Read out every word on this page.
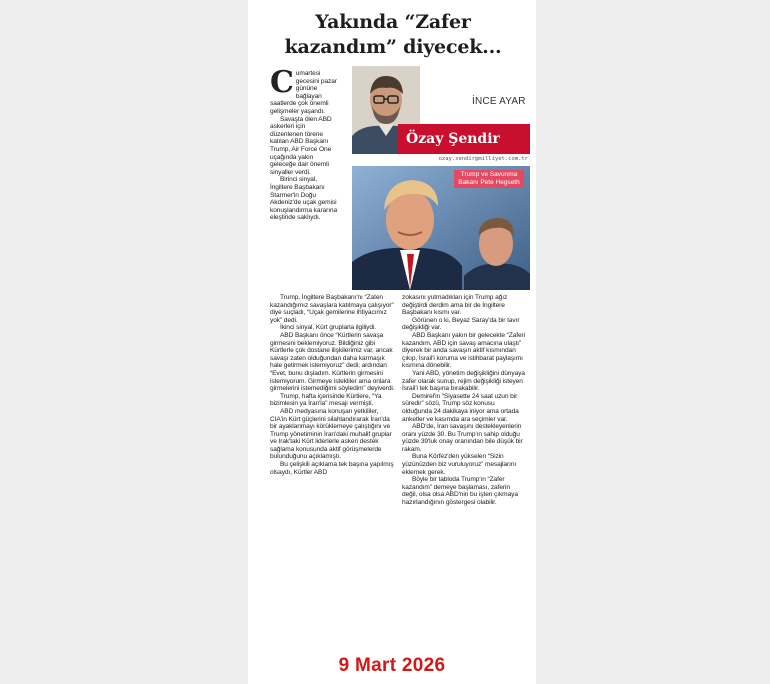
Yakında “Zafer kazandım” diyecek...
İNCE AYAR
Özay Şendir
ozay.sendir@milliyet.com.tr
Trump ve Savunma Bakanı Pete Hegseth

Cumartesi gecesini pazar gününe bağlayan saatlerde çok önemli gelişmeler yaşandı.

Savaşta ölen ABD askerleri için düzenlenen törene katılan ABD Başkanı Trump, Air Force One uçağında yakın geleceğe dair önemli sinyaller verdi.

Birinci sinyal, İngiltere Başbakanı Starmer'in Doğu Akdeniz'de uçak gemisi konuşlandırma kararına eleştiride saklıydı.

Trump, İngiltere Başbakanı'nı “Zaten kazandığımız savaşlara katılmaya çalışıyor” diye suçladı, “Uçak gemilerine ihtiyacımız yok” dedi.

İkinci sinyal, Kürt gruplarla ilgiliydi.

ABD Başkanı önce “Kürtlerin savaşa girmesini beklemiyoruz. Bildiğiniz gibi Kürtlerle çok dostane ilişkilerimiz var, ancak savaşı zaten olduğundan daha karmaşık hale getirmek istemiyoruz” dedi; ardından “Evet, bunu dışladım. Kürtlerin girmesini istemiyorum. Girmeye istekliler ama onlara girmelerini istemediğimi söyledim” deyiverdi.

Trump, hafta içerisinde Kürtlere, “Ya bizimlesin ya İran'la” mesajı vermişti.

ABD medyasına konuşan yetkililer, CIA'in Kürt güçlerini silahlandırarak İran'da bir ayaklanmayı körüklemeye çalıştığını ve Trump yönetiminin İran'daki muhalif gruplar ve Irak'taki Kürt liderlerle askeri destek sağlama konusunda aktif görüşmelerde bulunduğunu açıklamıştı.

Bu çelişkili açıklama tek başına yapılmış olsaydı, Kürtler ABD

zokasını yutmadıkları için Trump ağız değiştirdi derdim ama bir de İngiltere Başbakanı kısmı var.

Görünen o ki, Beyaz Saray'da bir tavır değişikliği var.

ABD Başkanı yakın bir gelecekte “Zaferi kazandım, ABD için savaş amacına ulaştı” diyerek bir anda savaşın aktif kısmından çıkıp, İsrail'i koruma ve istihbarat paylaşımı kısmına dönebilir.

Yani ABD, yönetim değişikliğini dünyaya zafer olarak sunup, rejim değişikliği isteyen İsrail'i tek başına bırakabilir.

Demirel'in “Siyasette 24 saat uzun bir süredir” sözü, Trump söz konusu olduğunda 24 dakikaya iniyor ama ortada anketler ve kasımda ara seçimler var.

ABD'de, İran savaşını destekleyenlerin oranı yüzde 30. Bu Trump'ın sahip olduğu yüzde 39'luk onay oranından bile düşük bir rakam.

Buna Körfez'den yükselen “Sizin yüzünüzden biz vuruluyoruz” mesajlarını eklemek gerek.

Böyle bir tabloda Trump'ın “Zafer kazandım” demeye başlaması, zaferin değil, olsa olsa ABD'nin bu işten çıkmaya hazırlandığının göstergesi olabilir.

9 Mart 2026
